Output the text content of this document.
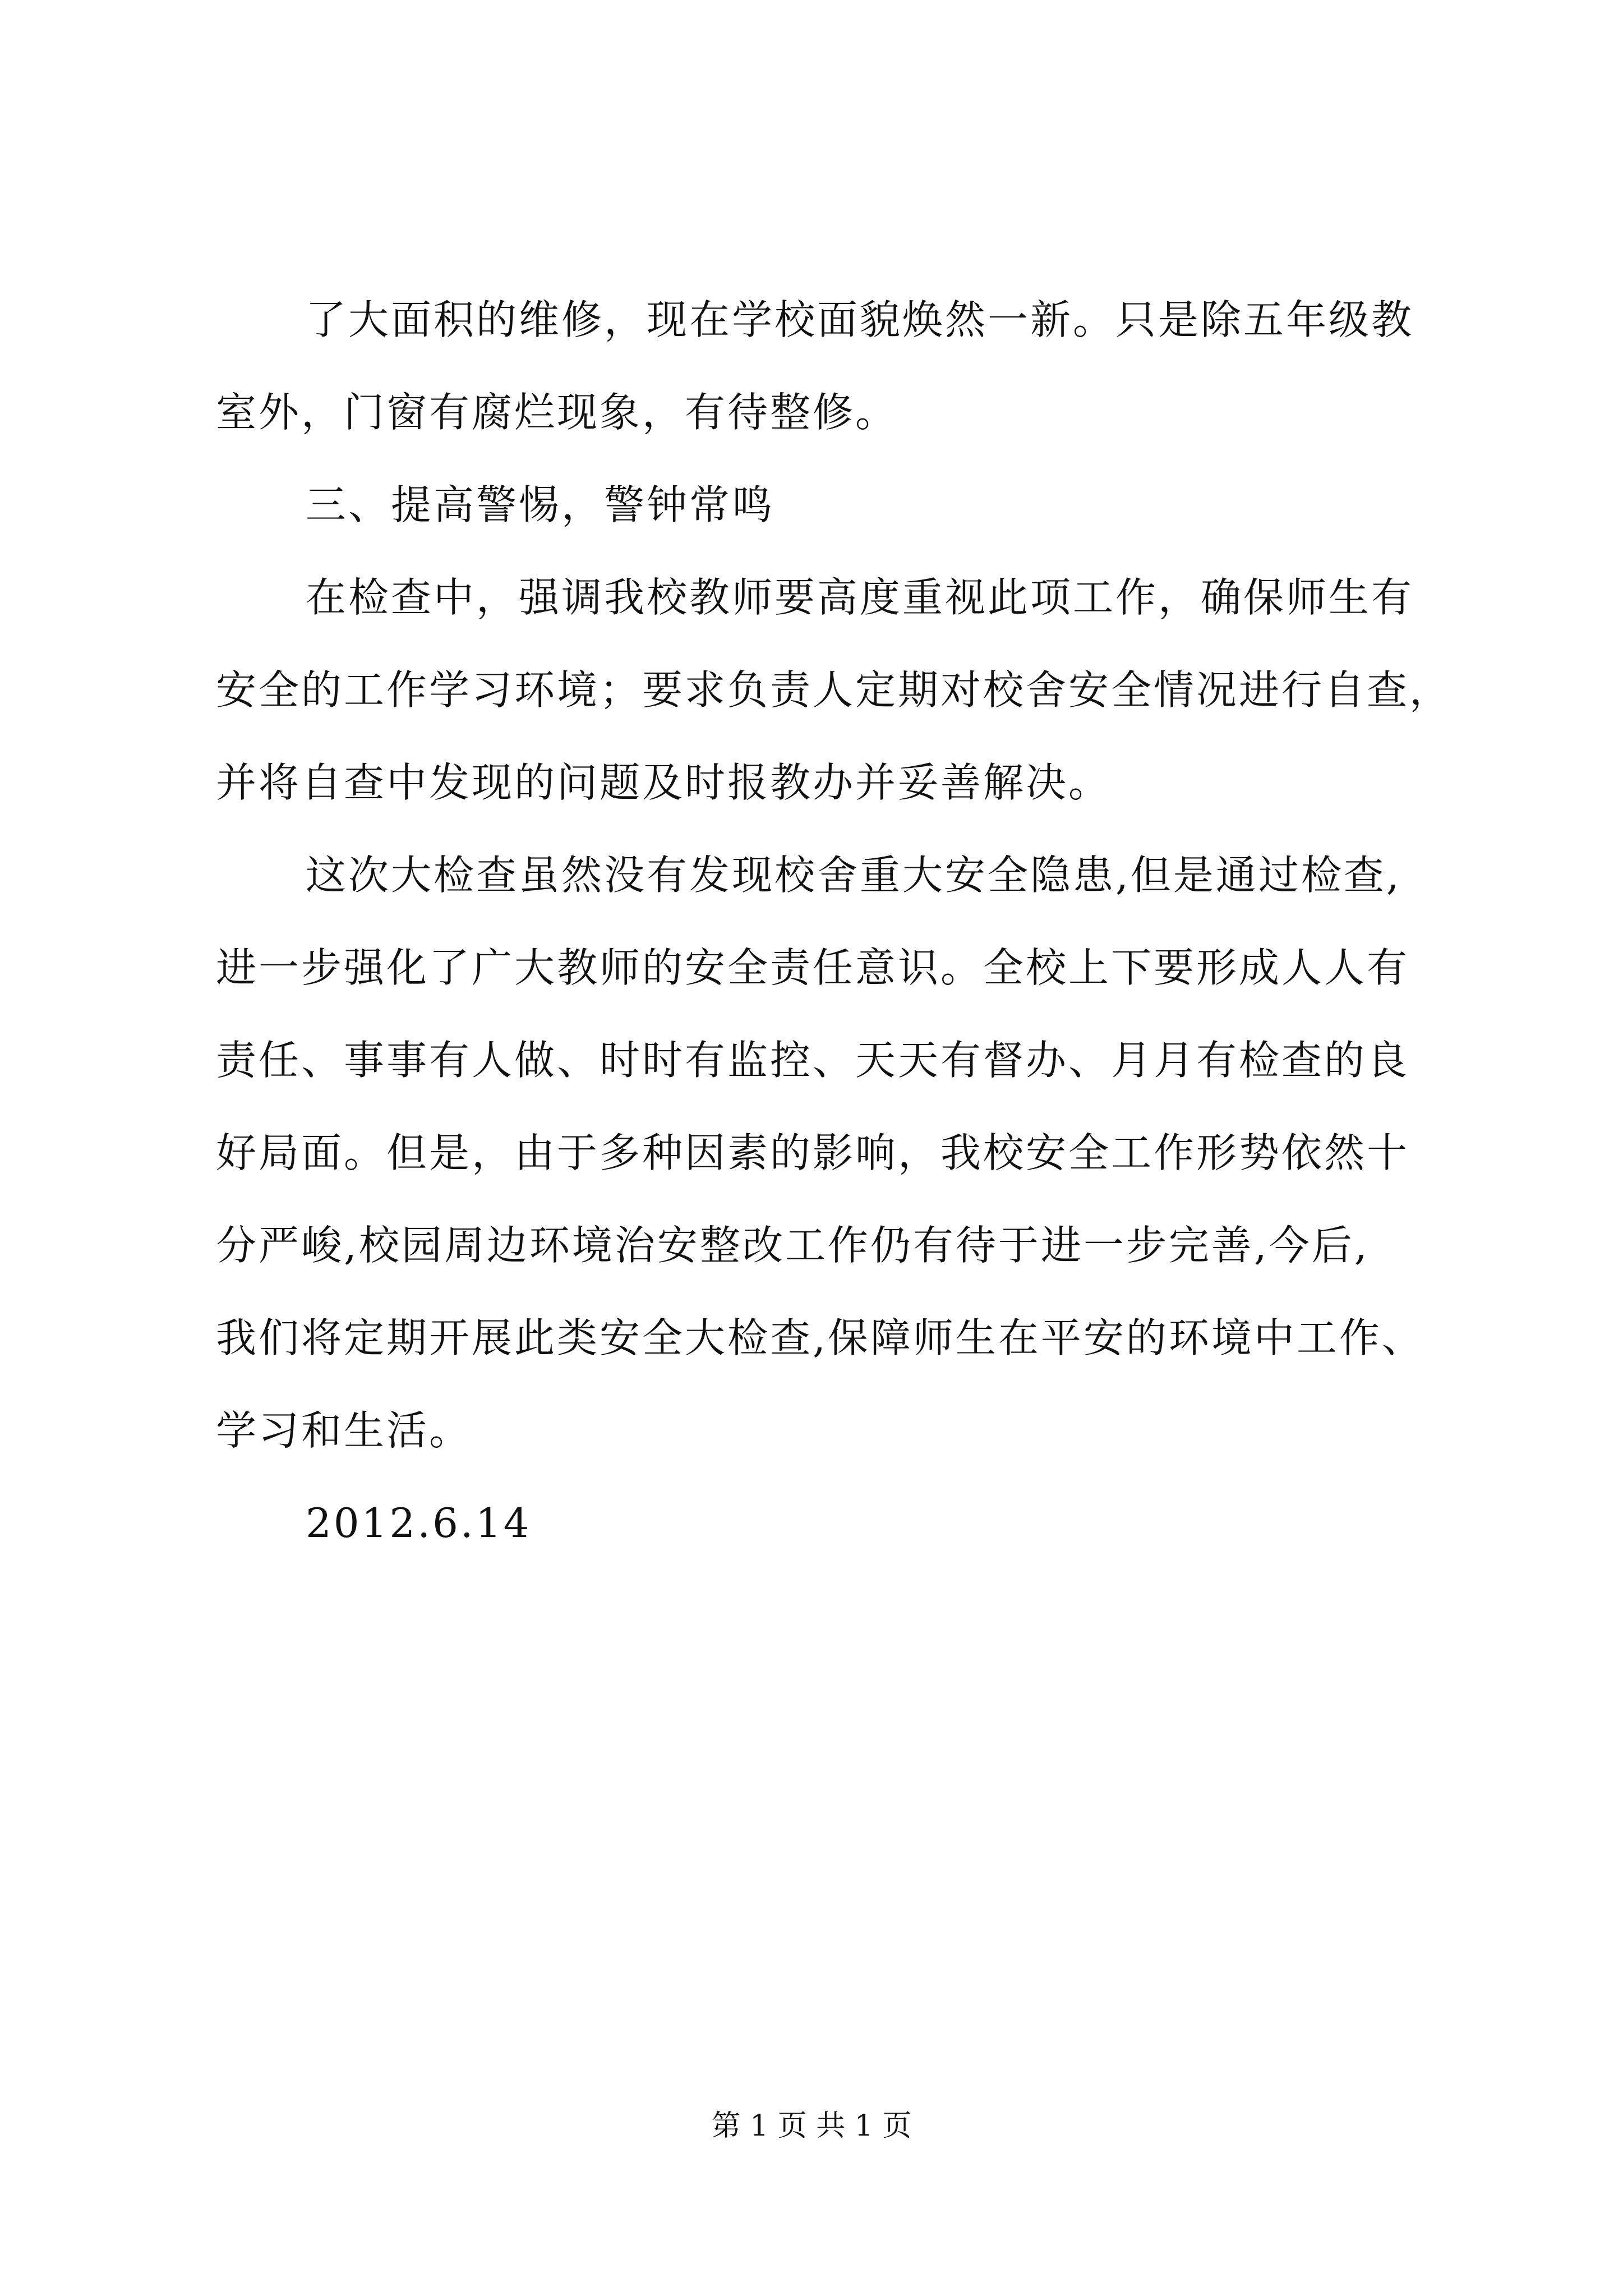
了大面积的维修，现在学校面貌焕然一新。只是除五年级教
室外，门窗有腐烂现象，有待整修。
三、提高警惕，警钟常鸣
在检查中，强调我校教师要高度重视此项工作，确保师生有
安全的工作学习环境；要求负责人定期对校舍安全情况进行自查，
并将自查中发现的问题及时报教办并妥善解决。
这次大检查虽然没有发现校舍重大安全隐患,但是通过检查,
进一步强化了广大教师的安全责任意识。全校上下要形成人人有
责任、事事有人做、时时有监控、天天有督办、月月有检查的良
好局面。但是，由于多种因素的影响，我校安全工作形势依然十
分严峻,校园周边环境治安整改工作仍有待于进一步完善,今后,
我们将定期开展此类安全大检查,保障师生在平安的环境中工作、
学习和生活。
2012.6.14
第 1 页 共 1 页
